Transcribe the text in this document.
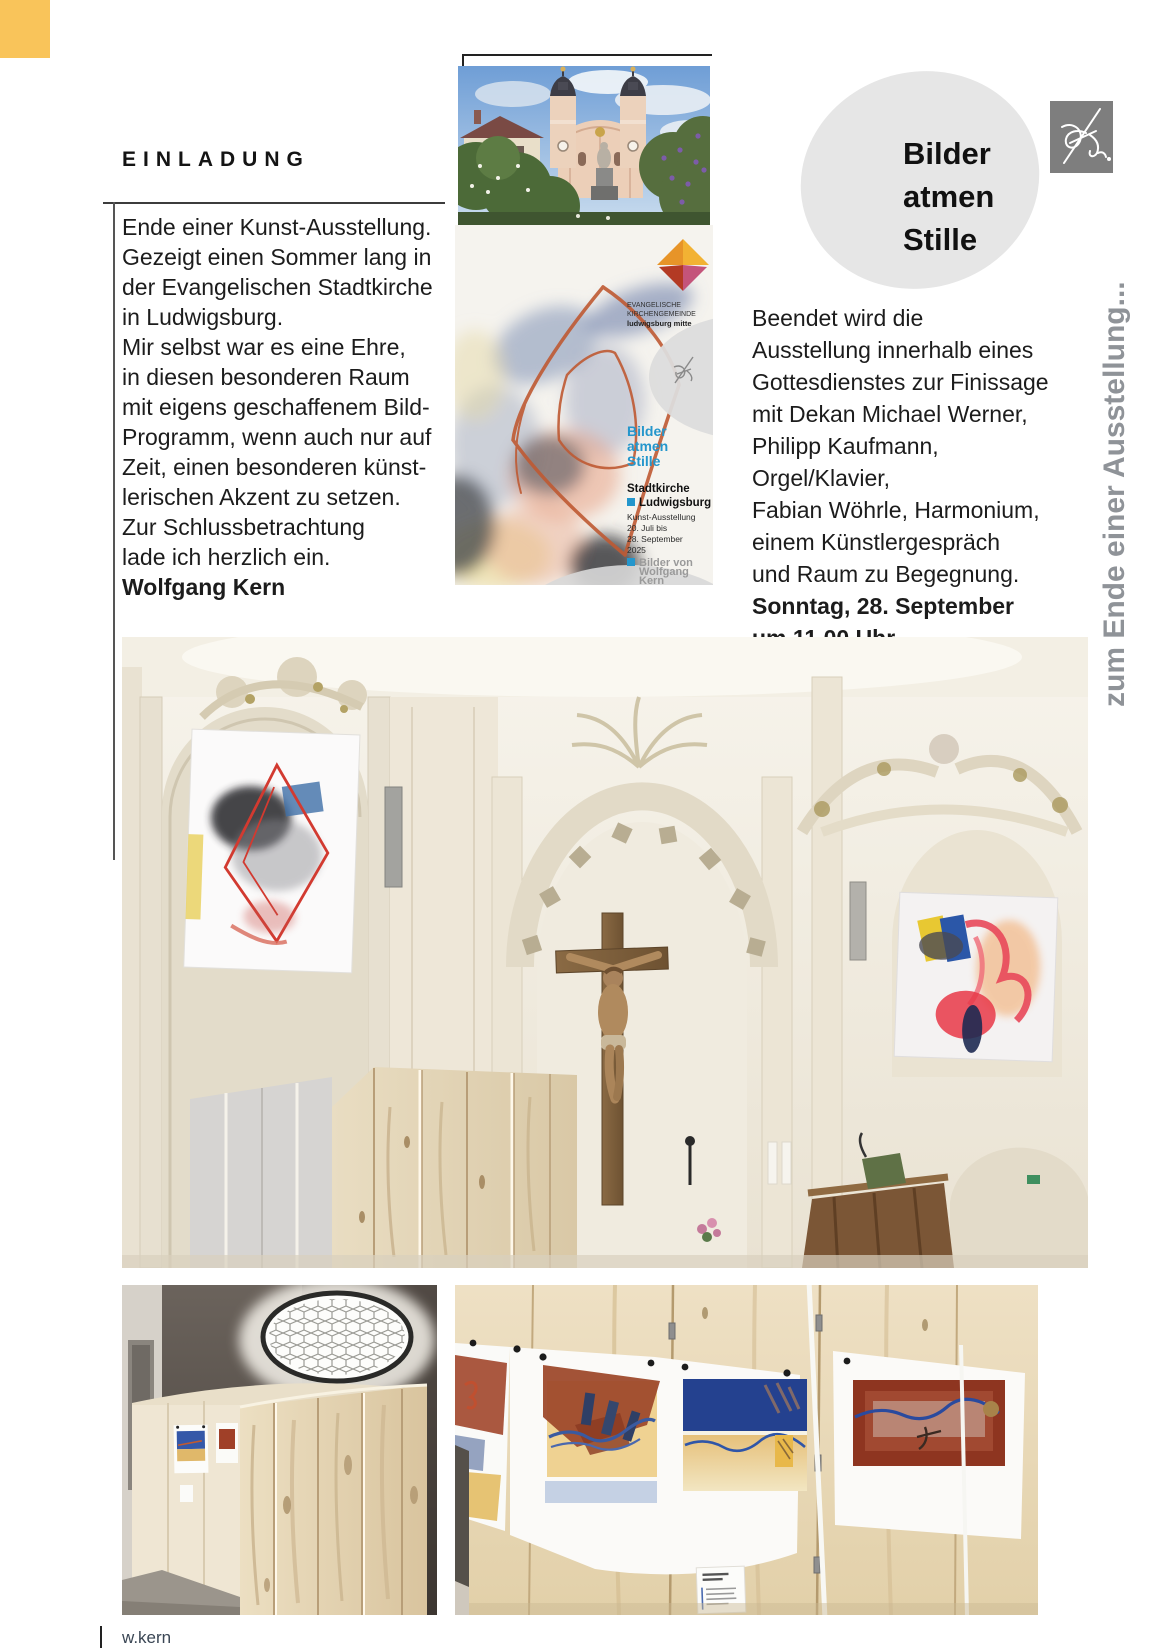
EINLADUNG
Ende einer Kunst-Ausstellung.
Gezeigt einen Sommer lang in
der Evangelischen Stadtkirche
in Ludwigsburg.
Mir selbst war es eine Ehre,
in diesen besonderen Raum
mit eigens geschaffenem Bild-
Programm, wenn auch nur auf
Zeit, einen besonderen künst-
lerischen Akzent zu setzen.
Zur Schlussbetrachtung
lade ich herzlich ein.
Wolfgang Kern
EVANGELISCHE
KIRCHENGEMEINDE
ludwigsburg mitte
Bilder
atmen
Stille
Stadtkirche
Ludwigsburg
Kunst-Ausstellung
20. Juli bis
28. September
2025
Bilder von
Wolfgang
Kern
Bilder
atmen
Stille
Beendet wird die
Ausstellung innerhalb eines
Gottesdienstes zur Finissage
mit Dekan Michael Werner,
Philipp Kaufmann, Orgel/Klavier,
Fabian Wöhrle, Harmonium,
einem Künstlergespräch
und Raum zu Begegnung.
Sonntag, 28. September	zum Ende einer Ausstellung...
w.kern
